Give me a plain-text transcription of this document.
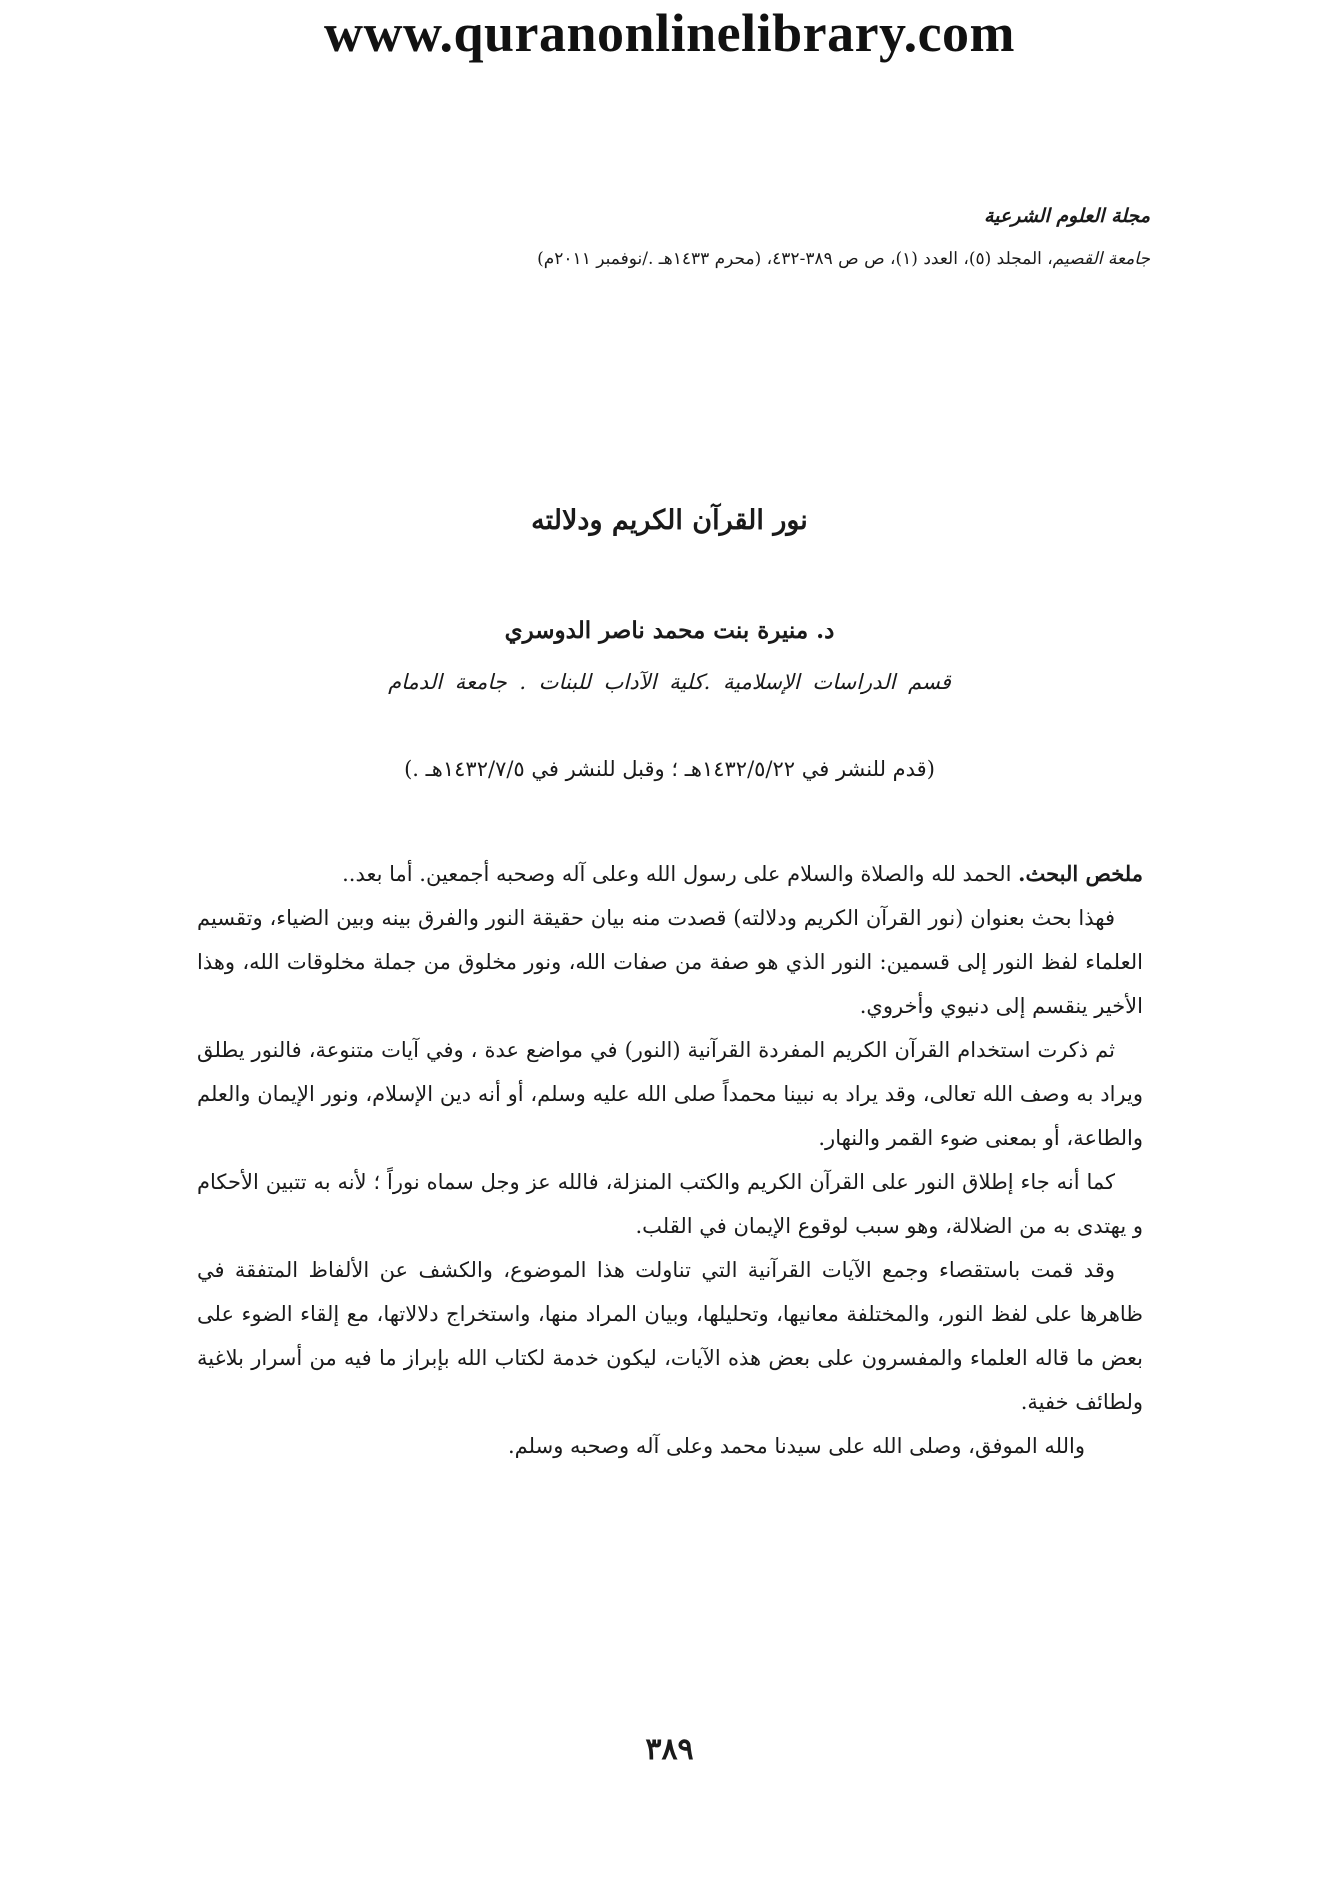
www.quranonlinelibrary.com
مجلة العلوم الشرعية
جامعة القصيم، المجلد (٥)، العدد (١)، ص ص ٣٨٩-٤٣٢، (محرم ١٤٣٣هـ ./نوفمبر ٢٠١١م)
نور القرآن الكريم ودلالته
د. منيرة بنت محمد ناصر الدوسري
قسم الدراسات الإسلامية .كلية الآداب للبنات . جامعة الدمام
(قدم للنشر في ١٤٣٢/٥/٢٢هـ ؛ وقبل للنشر في ١٤٣٢/٧/٥هـ .)

ملخص البحث. الحمد لله والصلاة والسلام على رسول الله وعلى آله وصحبه أجمعين. أما بعد..

فهذا بحث بعنوان (نور القرآن الكريم ودلالته) قصدت منه بيان حقيقة النور والفرق بينه وبين الضياء، وتقسيم العلماء لفظ النور إلى قسمين: النور الذي هو صفة من صفات الله، ونور مخلوق من جملة مخلوقات الله، وهذا الأخير ينقسم إلى دنيوي وأخروي.

ثم ذكرت استخدام القرآن الكريم المفردة القرآنية (النور) في مواضع عدة ، وفي آيات متنوعة، فالنور يطلق ويراد به وصف الله تعالى، وقد يراد به نبينا محمداً صلى الله عليه وسلم، أو أنه دين الإسلام، ونور الإيمان والعلم والطاعة، أو بمعنى ضوء القمر والنهار.

كما أنه جاء إطلاق النور على القرآن الكريم والكتب المنزلة، فالله عز وجل سماه نوراً ؛ لأنه به تتبين الأحكام و يهتدى به من الضلالة، وهو سبب لوقوع الإيمان في القلب.

وقد قمت باستقصاء وجمع الآيات القرآنية التي تناولت هذا الموضوع، والكشف عن الألفاظ المتفقة في ظاهرها على لفظ النور، والمختلفة معانيها، وتحليلها، وبيان المراد منها، واستخراج دلالاتها، مع إلقاء الضوء على بعض ما قاله العلماء والمفسرون على بعض هذه الآيات، ليكون خدمة لكتاب الله بإبراز ما فيه من أسرار بلاغية ولطائف خفية.

والله الموفق، وصلى الله على سيدنا محمد وعلى آله وصحبه وسلم.

٣٨٩
